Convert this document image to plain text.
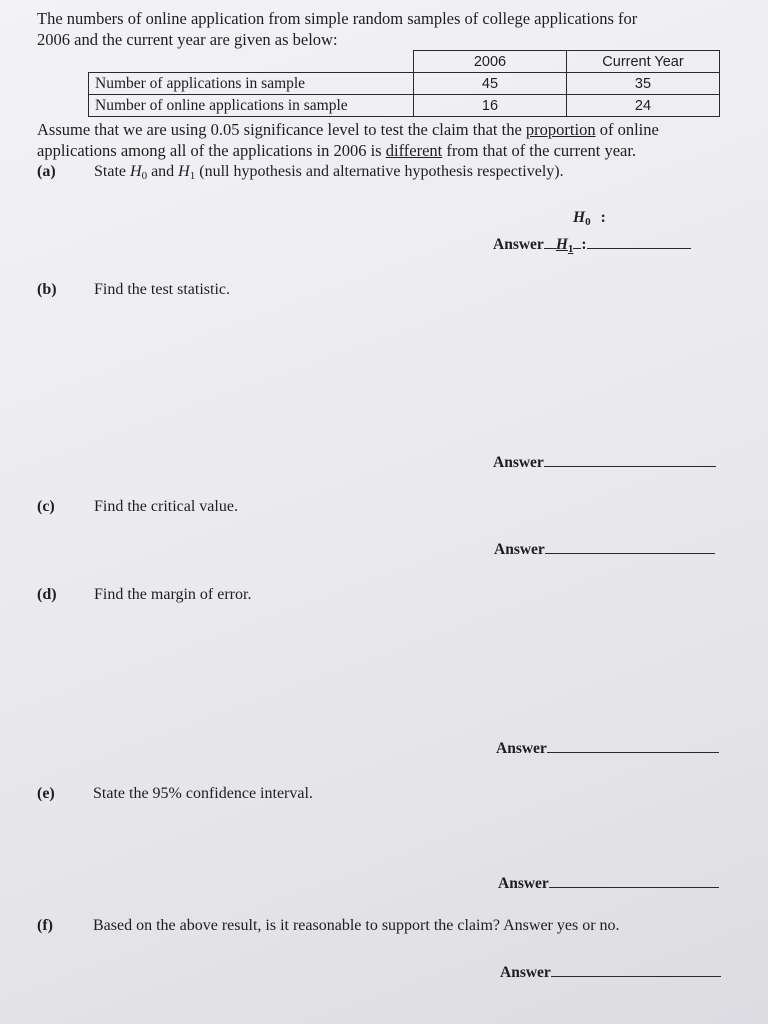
The numbers of online application from simple random samples of college applications for
2006 and the current year are given as below:
	2006	Current Year
Number of applications in sample	45	35
Number of online applications in sample	16	24
Assume that we are using 0.05 significance level to test the claim that the proportion of online
applications among all of the applications in 2006 is different from that of the current year.
(a) State $H_0$ and $H_1$ (null hypothesis and alternative hypothesis respectively).
$H_0$ :
Answer $H_1$ :
(b) Find the test statistic.
Answer
(c) Find the critical value.
Answer
(d) Find the margin of error.
Answer
(e) State the 95% confidence interval.
Answer
(f)	Based on the above result, is it reasonable to support the claim? Answer yes or no.
Answer
